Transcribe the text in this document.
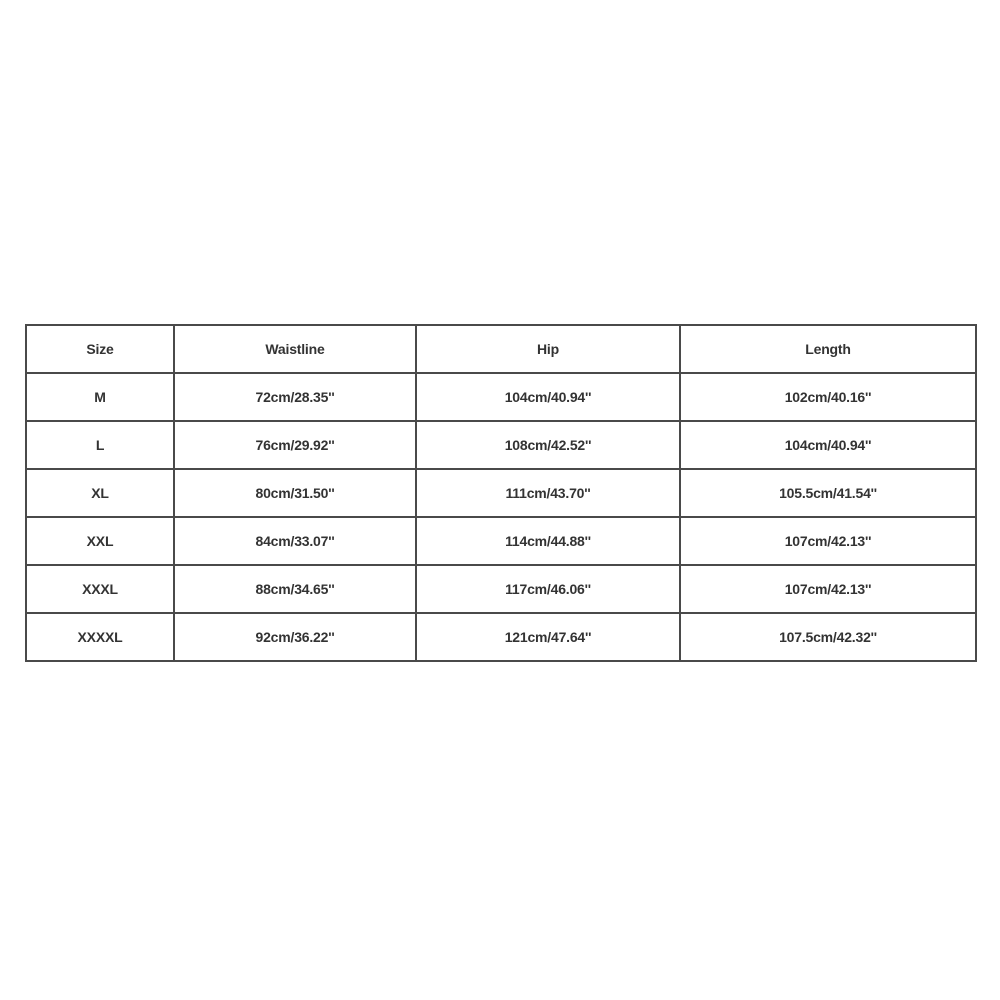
Size	Waistline	Hip	Length
M	72cm/28.35''	104cm/40.94''	102cm/40.16''
L	76cm/29.92''	108cm/42.52''	104cm/40.94''
XL	80cm/31.50''	111cm/43.70''	105.5cm/41.54''
XXL	84cm/33.07''	114cm/44.88''	107cm/42.13''
XXXL	88cm/34.65''	117cm/46.06''	107cm/42.13''
XXXXL	92cm/36.22''	121cm/47.64''	107.5cm/42.32''
